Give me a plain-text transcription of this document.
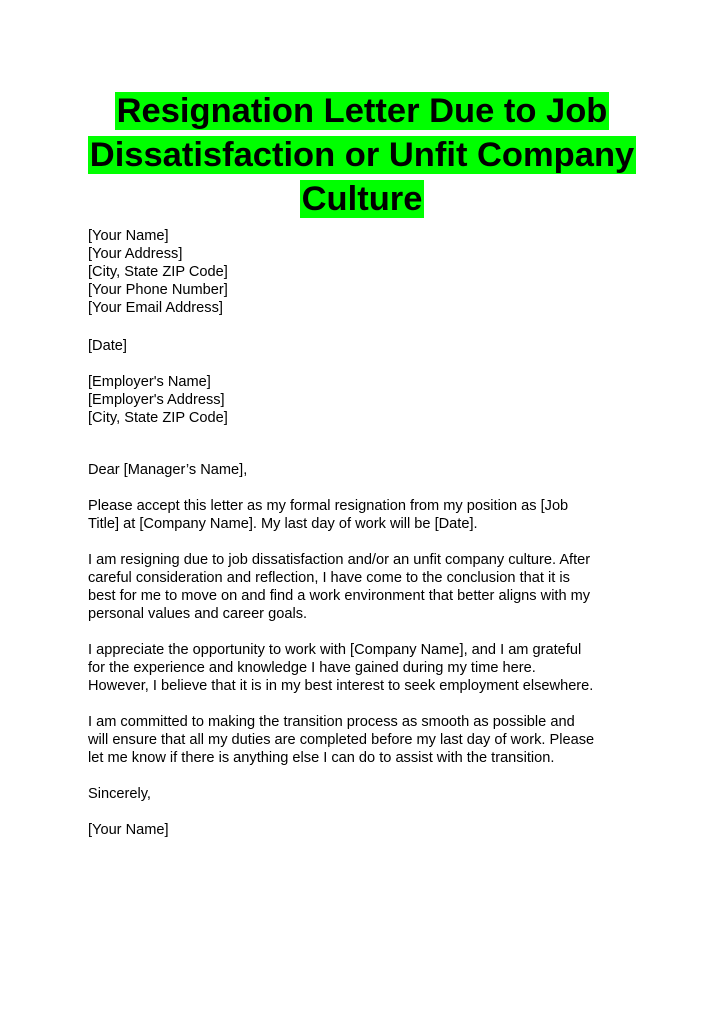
Resignation Letter Due to Job Dissatisfaction or Unfit Company Culture
[Your Name]
[Your Address]
[City, State ZIP Code]
[Your Phone Number]
[Your Email Address]
[Date]
[Employer's Name]
[Employer's Address]
[City, State ZIP Code]
Dear [Manager’s Name],
Please accept this letter as my formal resignation from my position as [Job
Title] at [Company Name]. My last day of work will be [Date].
I am resigning due to job dissatisfaction and/or an unfit company culture. After
careful consideration and reflection, I have come to the conclusion that it is
best for me to move on and find a work environment that better aligns with my
personal values and career goals.
I appreciate the opportunity to work with [Company Name], and I am grateful
for the experience and knowledge I have gained during my time here.
However, I believe that it is in my best interest to seek employment elsewhere.
I am committed to making the transition process as smooth as possible and
will ensure that all my duties are completed before my last day of work. Please
let me know if there is anything else I can do to assist with the transition.
Sincerely,
[Your Name]
